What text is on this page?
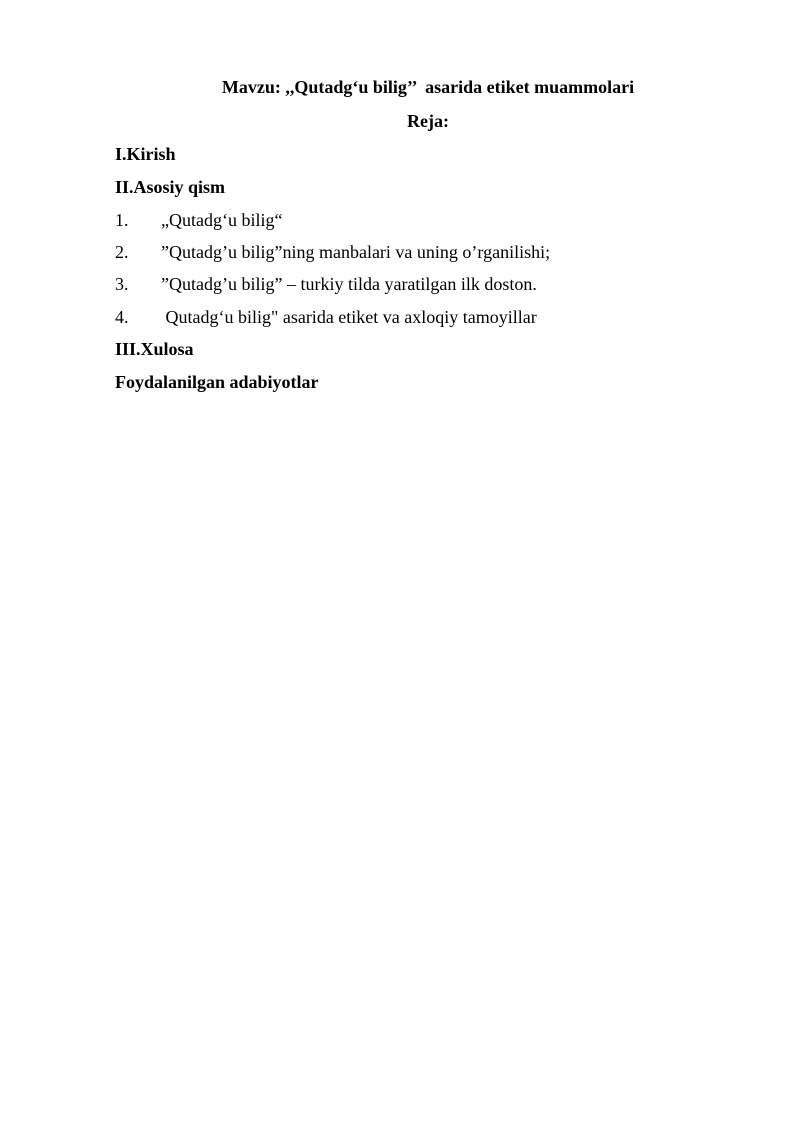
Mavzu: ,,Qutadg‘u bilig’’  asarida etiket muammolari
Reja:
I.Kirish
II.Asosiy qism
1. „Qutadg‘u bilig“
2. ”Qutadg’u bilig”ning manbalari va uning o’rganilishi;
3. ”Qutadg’u bilig” – turkiy tilda yaratilgan ilk doston.
4. Qutadg‘u bilig" asarida etiket va axloqiy tamoyillar
III.Xulosa
Foydalanilgan adabiyotlar
